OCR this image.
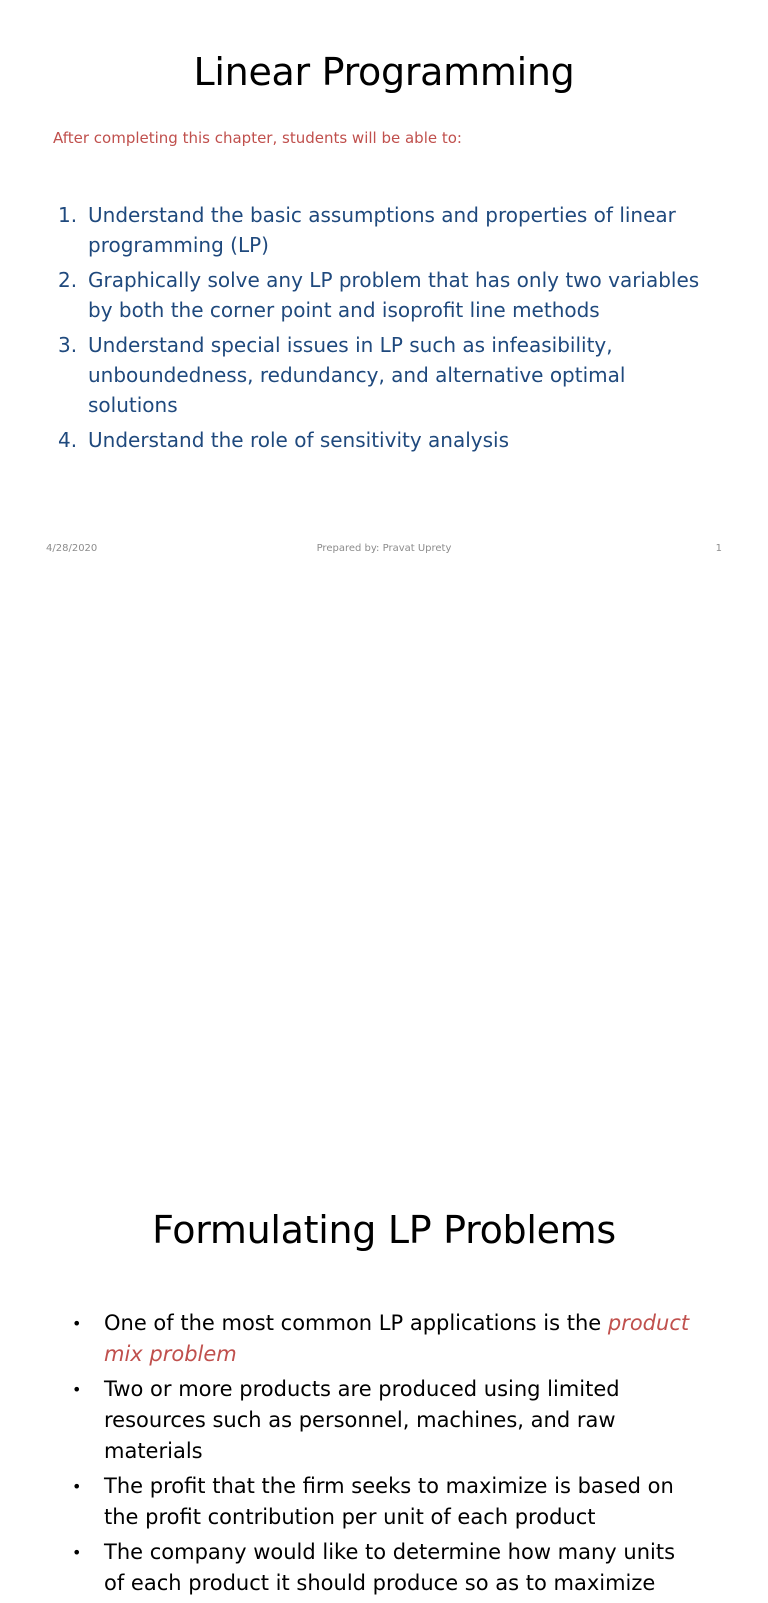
Linear Programming
After completing this chapter, students will be able to:
1. Understand the basic assumptions and properties of linear programming (LP)
2. Graphically solve any LP problem that has only two variables by both the corner point and isoprofit line methods
3. Understand special issues in LP such as infeasibility, unboundedness, redundancy, and alternative optimal solutions
4. Understand the role of sensitivity analysis
4/28/2020	Prepared by: Pravat Uprety	1
Formulating LP Problems
•	One of the most common LP applications is the product mix problem
•	Two or more products are produced using limited resources such as personnel, machines, and raw materials
•	The profit that the firm seeks to maximize is based on the profit contribution per unit of each product
•	The company would like to determine how many units of each product it should produce so as to maximize
